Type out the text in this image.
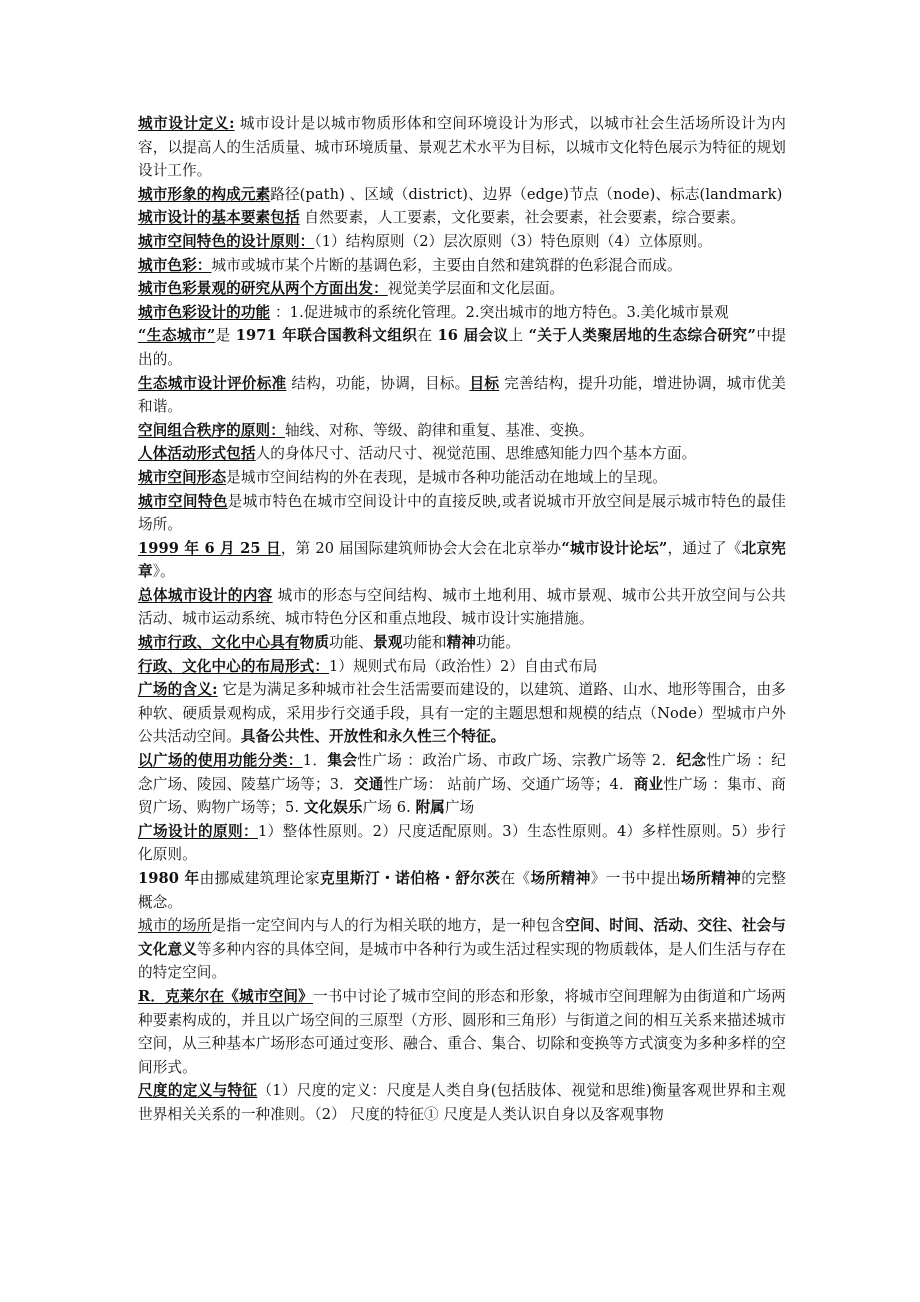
城市设计定义: 城市设计是以城市物质形体和空间环境设计为形式，以城市社会生活场所设计为内容，以提高人的生活质量、城市环境质量、景观艺术水平为目标，以城市文化特色展示为特征的规划设计工作。

城市形象的构成元素路径(path) 、区域（district)、边界（edge)节点（node)、标志(landmark)

城市设计的基本要素包括 自然要素，人工要素，文化要素，社会要素，社会要素，综合要素。

城市空间特色的设计原则：（1）结构原则（2）层次原则（3）特色原则（4）立体原则。

城市色彩：城市或城市某个片断的基调色彩，主要由自然和建筑群的色彩混合而成。

城市色彩景观的研究从两个方面出发：视觉美学层面和文化层面。

城市色彩设计的功能 ：1.促进城市的系统化管理。2.突出城市的地方特色。3.美化城市景观

“生态城市”是 1971 年联合国教科文组织在 16 届会议上 “关于人类聚居地的生态综合研究”中提出的。

生态城市设计评价标准 结构，功能，协调，目标。目标 完善结构，提升功能，增进协调，城市优美和谐。

空间组合秩序的原则：轴线、对称、等级、韵律和重复、基准、变换。

人体活动形式包括人的身体尺寸、活动尺寸、视觉范围、思维感知能力四个基本方面。

城市空间形态是城市空间结构的外在表现，是城市各种功能活动在地域上的呈现。

城市空间特色是城市特色在城市空间设计中的直接反映,或者说城市开放空间是展示城市特色的最佳场所。

1999 年 6 月 25 日，第 20 届国际建筑师协会大会在北京举办“城市设计论坛”，通过了《北京宪章》。

总体城市设计的内容 城市的形态与空间结构、城市土地利用、城市景观、城市公共开放空间与公共活动、城市运动系统、城市特色分区和重点地段、城市设计实施措施。

城市行政、文化中心具有物质功能、景观功能和精神功能。

行政、文化中心的布局形式：1）规则式布局（政治性）2）自由式布局

广场的含义: 它是为满足多种城市社会生活需要而建设的，以建筑、道路、山水、地形等围合，由多种软、硬质景观构成，采用步行交通手段，具有一定的主题思想和规模的结点（Node）型城市户外公共活动空间。具备公共性、开放性和永久性三个特征。

以广场的使用功能分类：1．集会性广场 ：政治广场、市政广场、宗教广场等 2．纪念性广场 ：纪念广场、陵园、陵墓广场等；3．交通性广场： 站前广场、交通广场等；4．商业性广场 ：集市、商贸广场、购物广场等；5. 文化娱乐广场 6. 附属广场

广场设计的原则：1）整体性原则。2）尺度适配原则。3）生态性原则。4）多样性原则。5）步行化原则。

1980 年由挪威建筑理论家克里斯汀・诺伯格・舒尔茨在《场所精神》一书中提出场所精神的完整概念。

城市的场所是指一定空间内与人的行为相关联的地方，是一种包含空间、时间、活动、交往、社会与文化意义等多种内容的具体空间，是城市中各种行为或生活过程实现的物质载体，是人们生活与存在的特定空间。

R．克莱尔在《城市空间》一书中讨论了城市空间的形态和形象，将城市空间理解为由街道和广场两种要素构成的，并且以广场空间的三原型（方形、圆形和三角形）与街道之间的相互关系来描述城市空间，从三种基本广场形态可通过变形、融合、重合、集合、切除和变换等方式演变为多种多样的空间形式。

尺度的定义与特征（1）尺度的定义：尺度是人类自身(包括肢体、视觉和思维)衡量客观世界和主观世界相关关系的一种准则。（2） 尺度的特征① 尺度是人类认识自身以及客观事物
